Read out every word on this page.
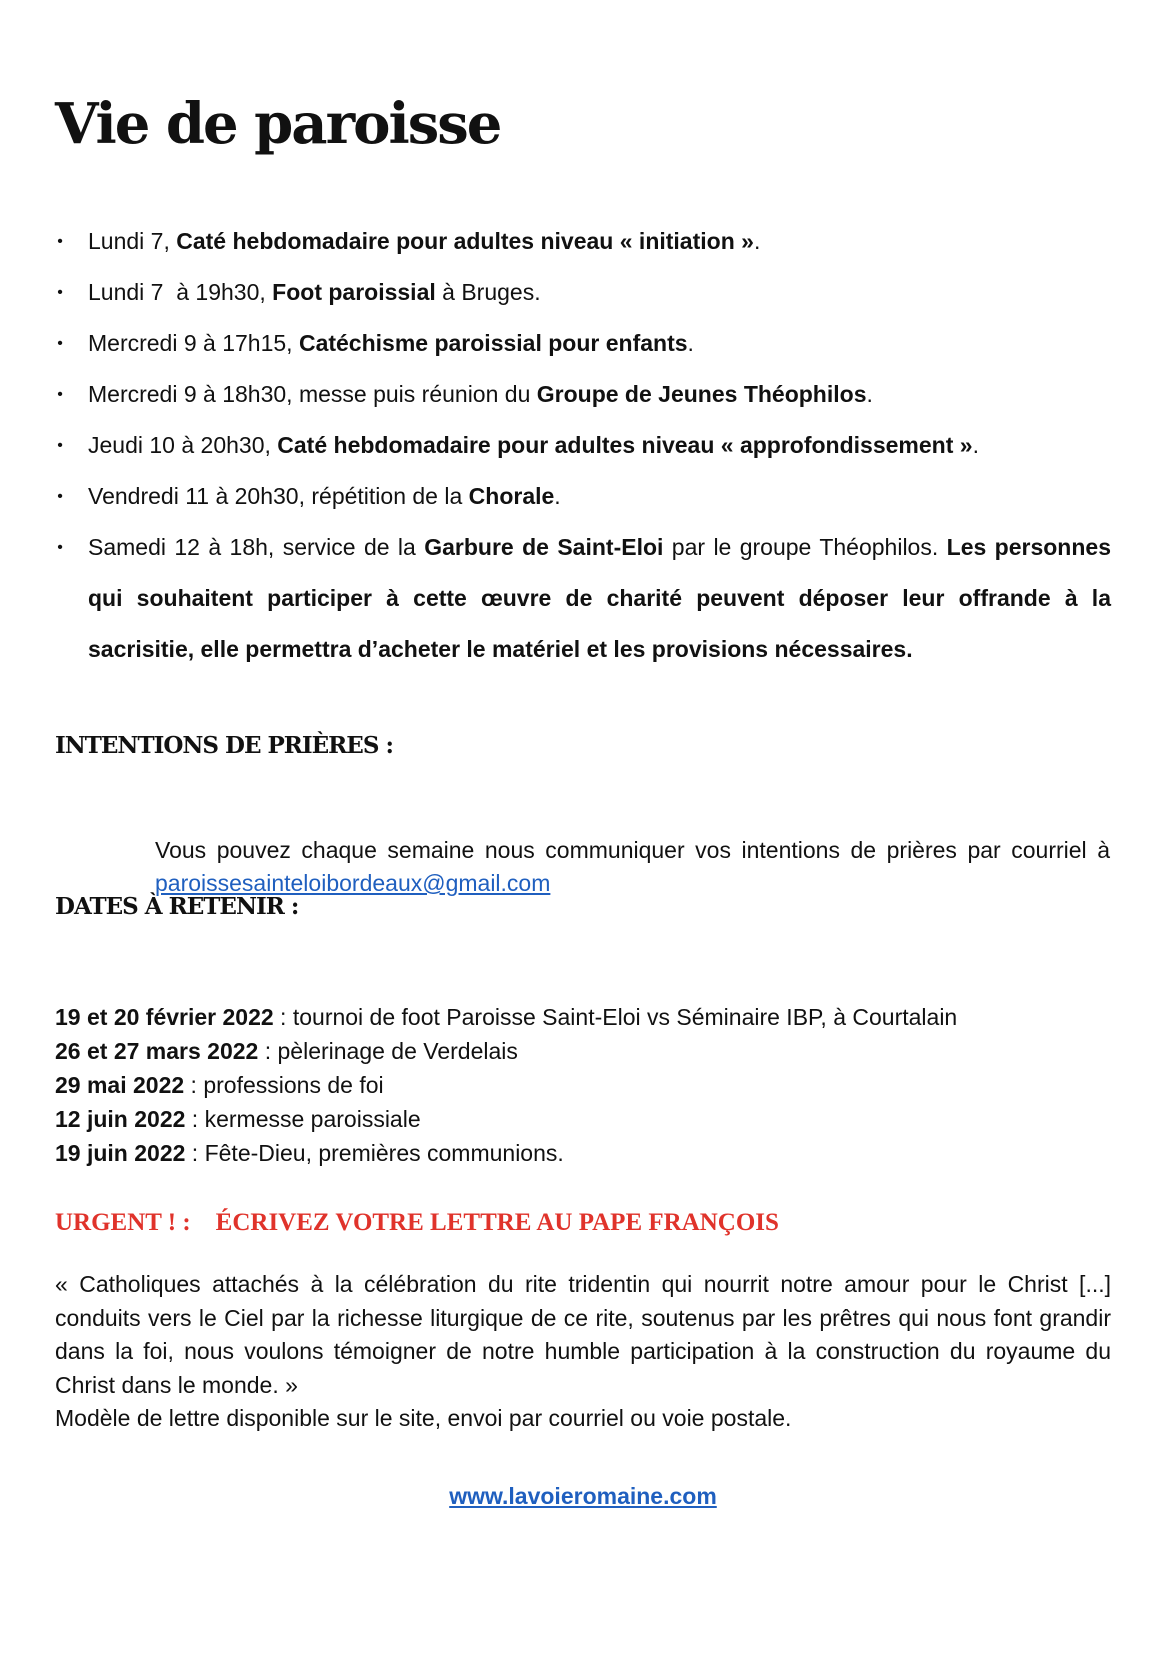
Vie de paroisse
• Lundi 7, Caté hebdomadaire pour adultes niveau « initiation ».
• Lundi 7  à 19h30, Foot paroissial à Bruges.
• Mercredi 9 à 17h15, Catéchisme paroissial pour enfants.
• Mercredi 9 à 18h30, messe puis réunion du Groupe de Jeunes Théophilos.
• Jeudi 10 à 20h30, Caté hebdomadaire pour adultes niveau « approfondissement ».
• Vendredi 11 à 20h30, répétition de la Chorale.
• Samedi 12 à 18h, service de la Garbure de Saint-Eloi par le groupe Théophilos. Les personnes qui souhaitent participer à cette œuvre de charité peuvent déposer leur offrande à la sacrisitie, elle permettra d’acheter le matériel et les provisions nécessaires.
INTENTIONS DE PRIÈRES :

Vous pouvez chaque semaine nous communiquer vos intentions de prières par courriel à paroissesainteloibordeaux@gmail.com

DATES À RETENIR :
19 et 20 février 2022 : tournoi de foot Paroisse Saint-Eloi vs Séminaire IBP, à Courtalain
26 et 27 mars 2022 : pèlerinage de Verdelais
29 mai 2022 : professions de foi
12 juin 2022 : kermesse paroissiale
19 juin 2022 : Fête-Dieu, premières communions.
URGENT ! : ÉCRIVEZ VOTRE LETTRE AU PAPE FRANÇOIS
« Catholiques attachés à la célébration du rite tridentin qui nourrit notre amour pour le Christ [...] conduits vers le Ciel par la richesse liturgique de ce rite, soutenus par les prêtres qui nous font grandir dans la foi, nous voulons témoigner de notre humble participation à la construction du royaume du Christ dans le monde. »
Modèle de lettre disponible sur le site, envoi par courriel ou voie postale.
www.lavoieromaine.com
